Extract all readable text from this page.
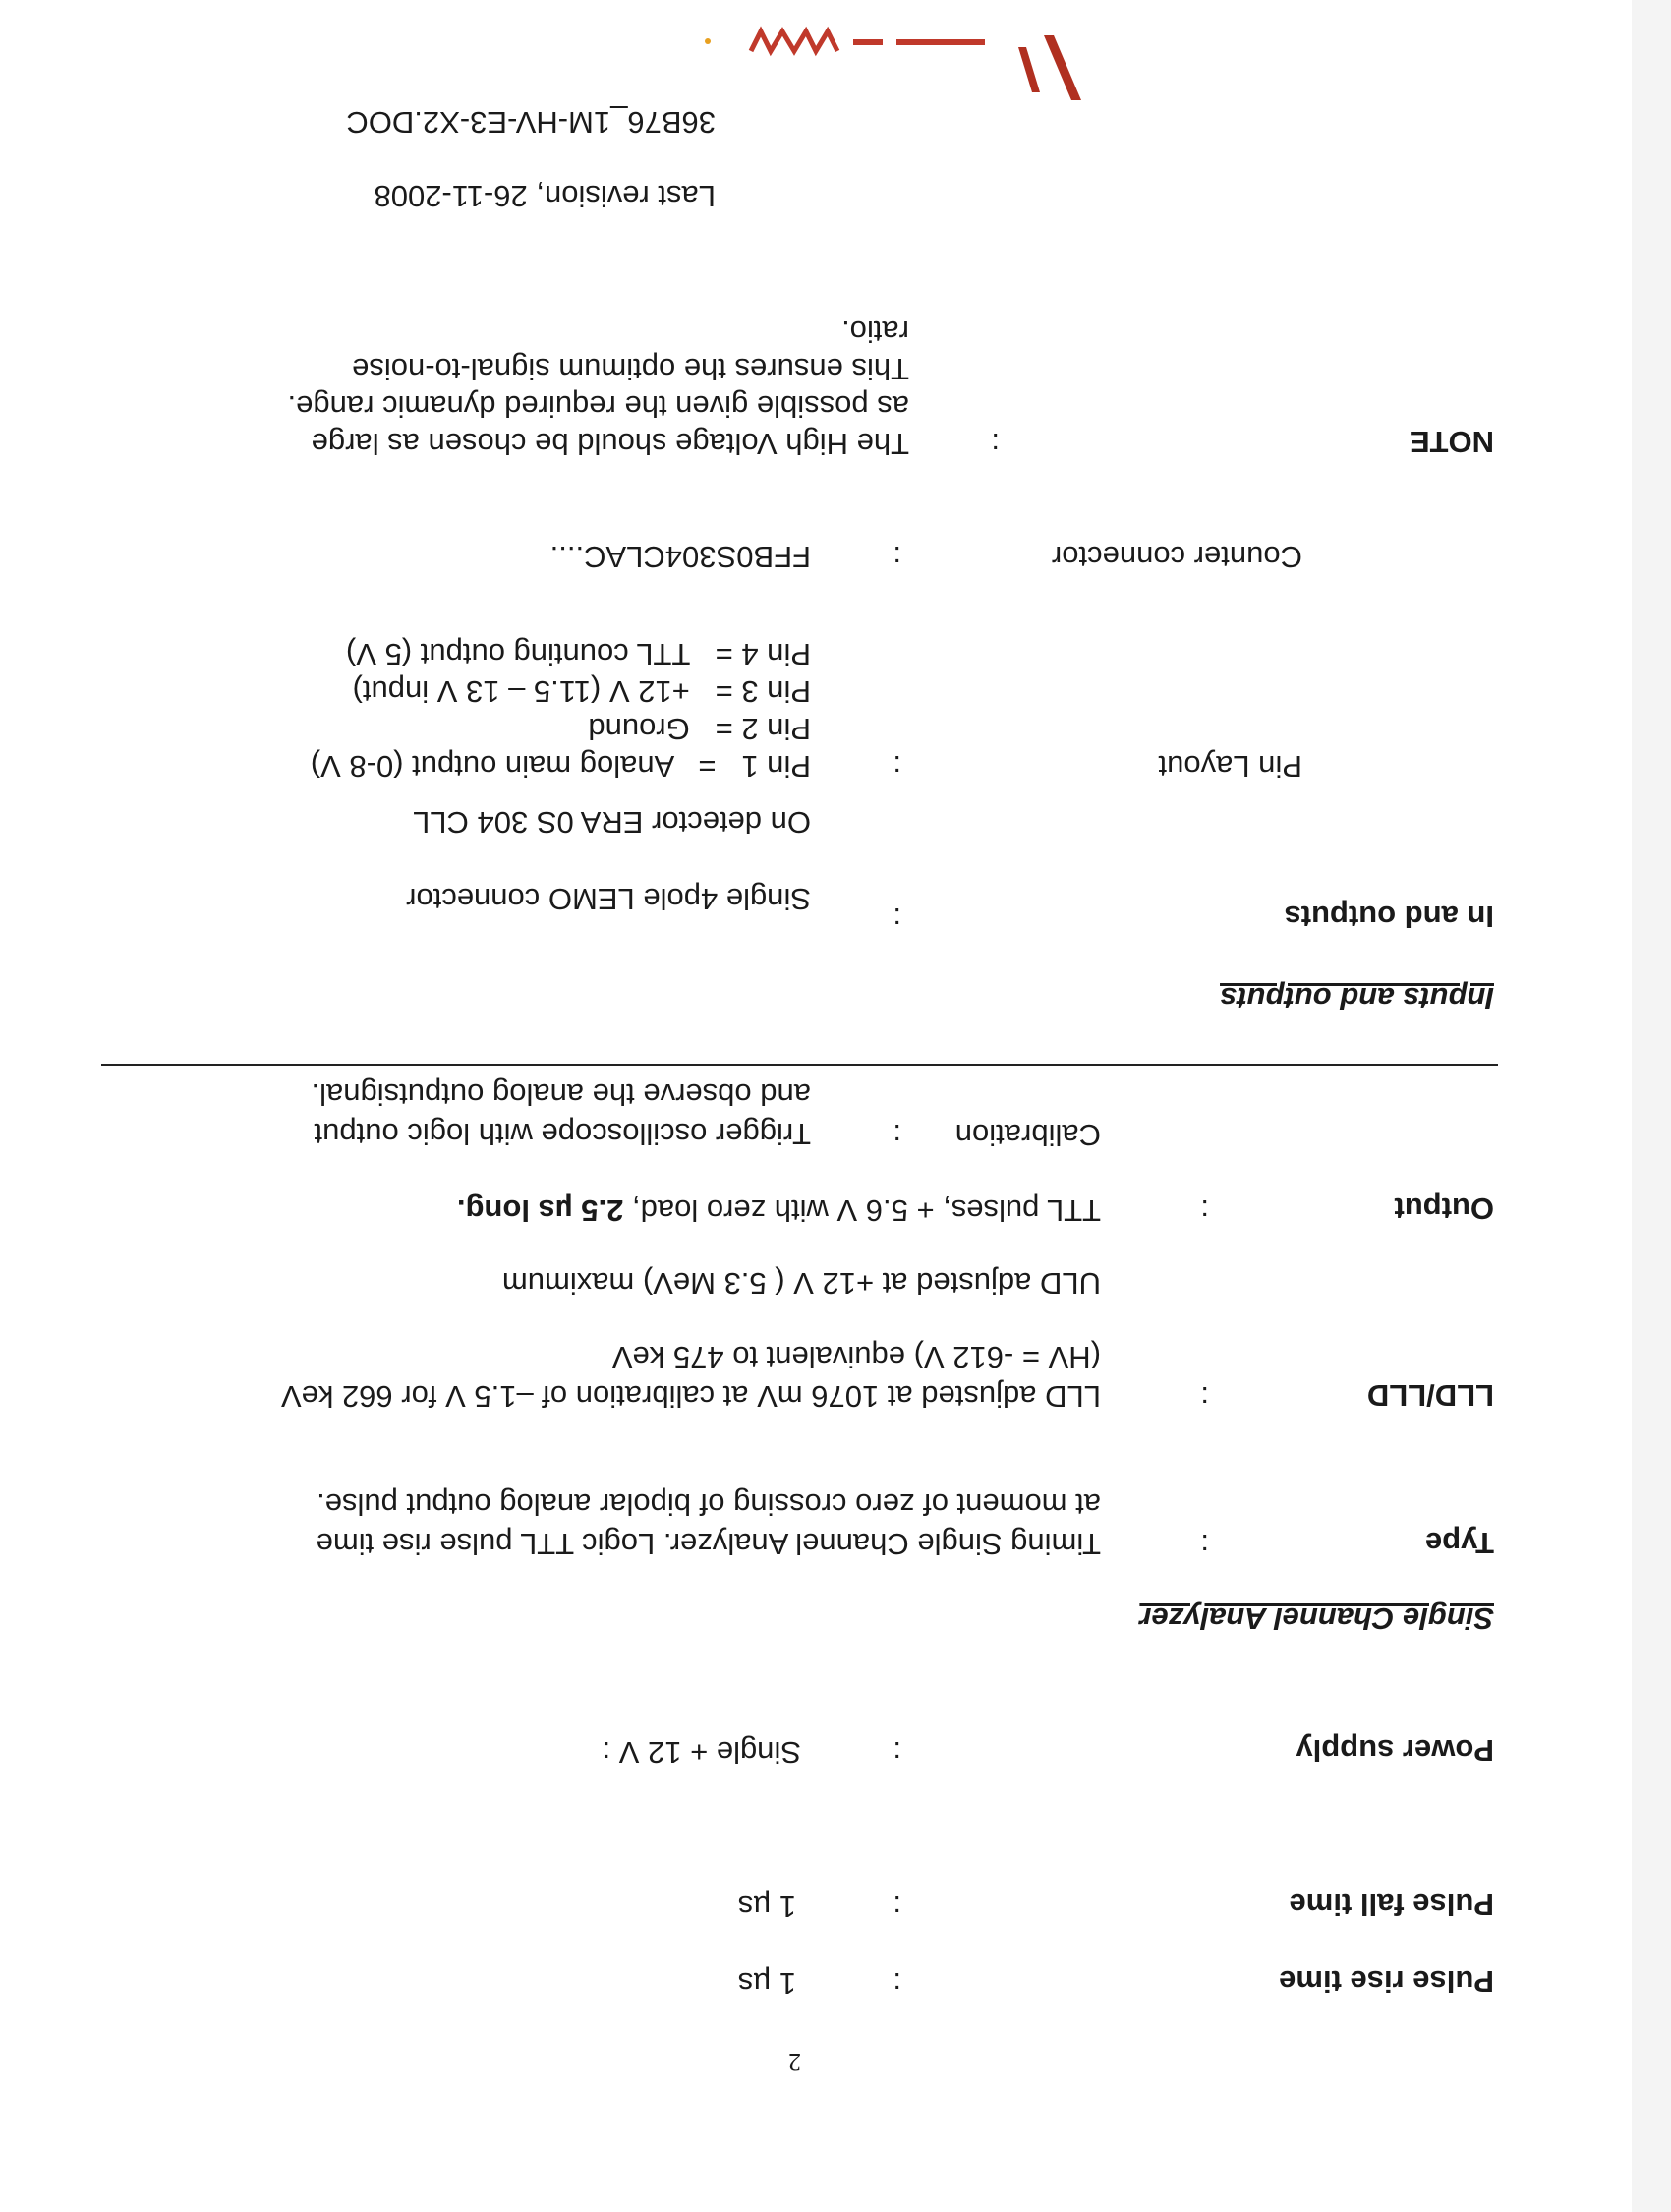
2
Pulse rise time
:
1 µs
Pulse fall time
:
1 µs
Power supply
:
Single + 12 V :
Single Channel Analyzer
Type
:
Timing Single Channel Analyzer. Logic TTL pulse rise time
at moment of zero crossing of bipolar analog output pulse.
LLD/LLD
:
LLD adjusted at 1076 mV at calibration of –1.5 V for 662 keV
(HV = -612 V) equivalent to 475 keV
ULD adjusted at +12 V ( 5.3 MeV) maximum
Output
:
TTL pulses, + 5.6 V with zero load, 2.5 µs long.
Calibration
:
Trigger oscilloscope with logic output
and observe the analog outputsignal.
Inputs and outputs
In and outputs
:
Single 4pole LEMO connector
On detector ERA 0S 304 CLL
Pin Layout
:
Pin 1   =   Analog main output (0-8 V)
Pin 2 =   Ground
Pin 3 =   +12 V (11.5 – 13 V input)
Pin 4 =   TTL counting output (5 V)
Counter connector
:
FFB0S304CLAC....
NOTE
:
The High Voltage should be chosen as large
as possible given the required dynamic range.
This ensures the optimum signal-to-noise
ratio.
Last revision, 26-11-2008
36B76_1M-HV-E3-X2.DOC
